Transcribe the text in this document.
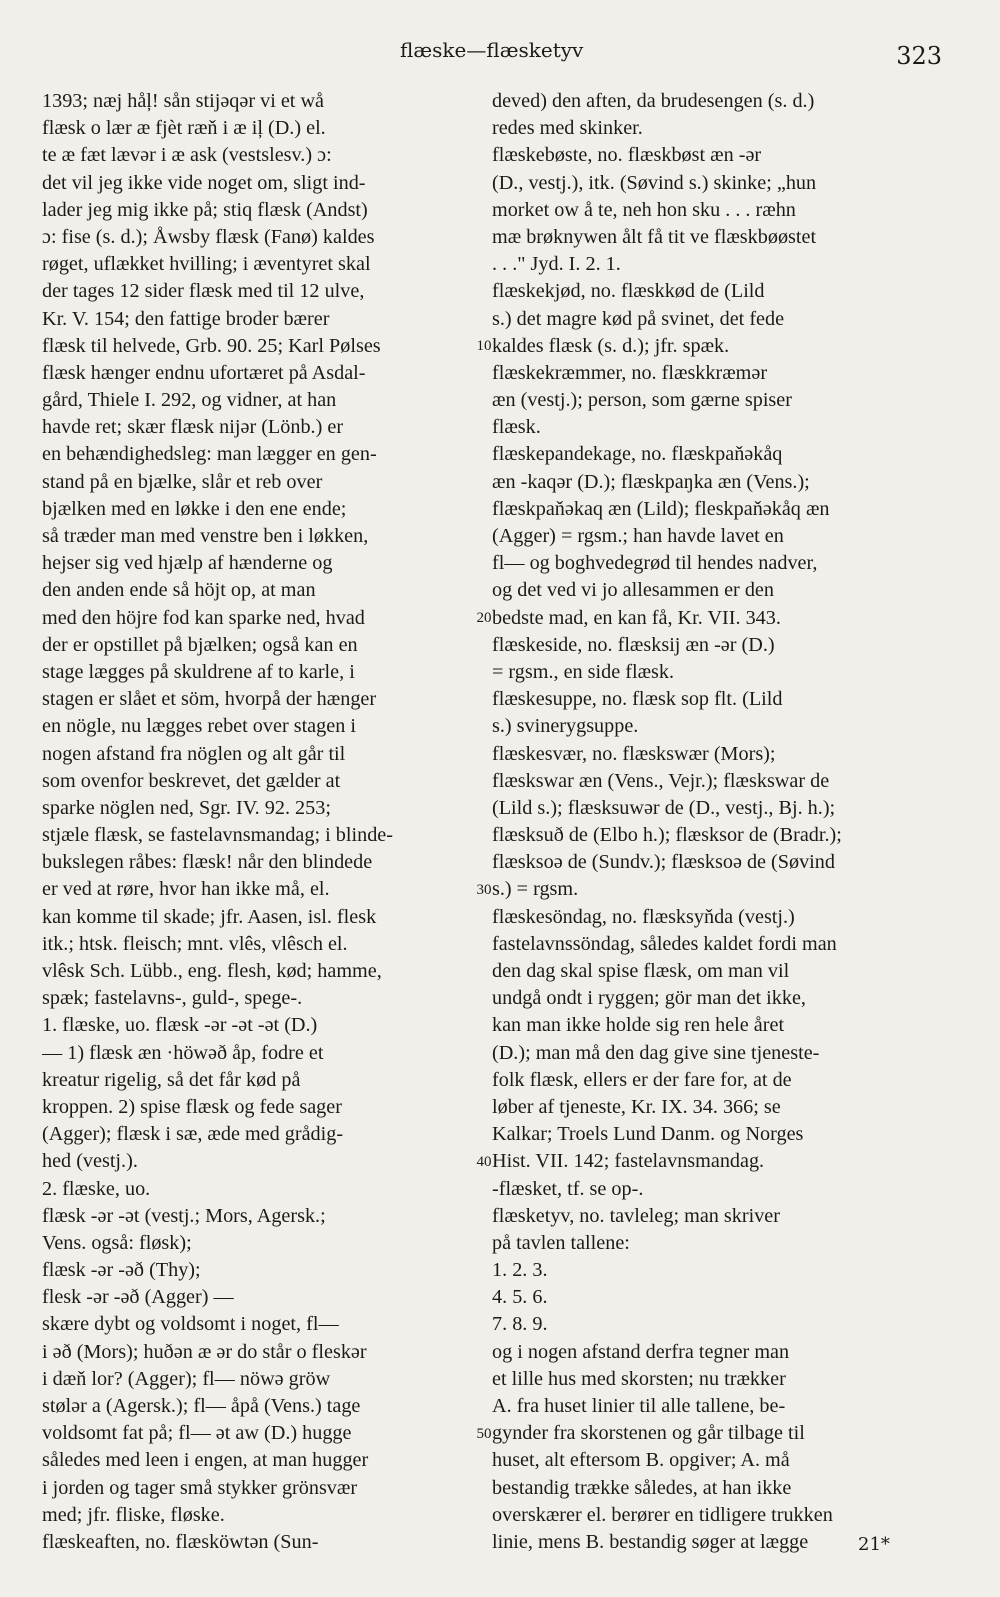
flæske—flæsketyv	323
1393; næj håļ! sån stijəqər vi et wå
flæsk o lær æ fjèt ræň i æ iļ (D.) el.
te æ fæt lævər i æ ask (vestslesv.) ɔ:
det vil jeg ikke vide noget om, sligt ind-
lader jeg mig ikke på; stiq flæsk (Andst)
ɔ: fise (s. d.); Åwsby flæsk (Fanø) kaldes
røget, uflækket hvilling; i æventyret skal
der tages 12 sider flæsk med til 12 ulve,
Kr. V. 154; den fattige broder bærer
flæsk til helvede, Grb. 90. 25; Karl Pølses
flæsk hænger endnu ufortæret på Asdal-
gård, Thiele I. 292, og vidner, at han
havde ret; skær flæsk nijər (Lönb.) er
en behændighedsleg: man lægger en gen-
stand på en bjælke, slår et reb over
bjælken med en løkke i den ene ende;
så træder man med venstre ben i løkken,
hejser sig ved hjælp af hænderne og
den anden ende så höjt op, at man
med den höjre fod kan sparke ned, hvad
der er opstillet på bjælken; også kan en
stage lægges på skuldrene af to karle, i
stagen er slået et söm, hvorpå der hænger
en nögle, nu lægges rebet over stagen i
nogen afstand fra nöglen og alt går til
som ovenfor beskrevet, det gælder at
sparke nöglen ned, Sgr. IV. 92. 253;
stjæle flæsk, se fastelavnsmandag; i blinde-
bukslegen råbes: flæsk! når den blindede
er ved at røre, hvor han ikke må, el.
kan komme til skade; jfr. Aasen, isl. flesk
itk.; htsk. fleisch; mnt. vlês, vlêsch el.
vlêsk Sch. Lübb., eng. flesh, kød; hamme,
spæk; fastelavns-, guld-, spege-.
1. flæske, uo. flæsk -ər -ət -ət (D.)
— 1) flæsk æn ·höwəð åp, fodre et
kreatur rigelig, så det får kød på
kroppen. 2) spise flæsk og fede sager
(Agger); flæsk i sæ, æde med grådig-
hed (vestj.).
2. flæske, uo.
flæsk -ər -ət (vestj.; Mors, Agersk.;
Vens. også: fløsk);
flæsk -ər -əð (Thy);
flesk -ər -əð (Agger) —
skære dybt og voldsomt i noget, fl—
i əð (Mors); huðən æ ər do står o fleskər
i dæň lor? (Agger); fl— nöwə gröw
stølər a (Agersk.); fl— åpå (Vens.) tage
voldsomt fat på; fl— ət aw (D.) hugge
således med leen i engen, at man hugger
i jorden og tager små stykker grönsvær
med; jfr. fliske, fløske.
flæskeaften, no. flæsköwtən (Sun-
deved) den aften, da brudesengen (s. d.)
redes med skinker.
flæskebøste, no. flæskbøst æn -ər
(D., vestj.), itk. (Søvind s.) skinke; „hun
morket ow å te, neh hon sku . . . ræhn
mæ brøknywen ålt få tit ve flæskbøøstet
. . ." Jyd. I. 2. 1.
flæskekjød, no. flæskkød de (Lild
s.) det magre kød på svinet, det fede
kaldes flæsk (s. d.); jfr. spæk.
flæskekræmmer, no. flæskkræmər
æn (vestj.); person, som gærne spiser
flæsk.
flæskepandekage, no. flæskpaňəkåq
æn -kaqər (D.); flæskpaŋka æn (Vens.);
flæskpaňəkaq æn (Lild); fleskpaňəkåq æn
(Agger) = rgsm.; han havde lavet en
fl— og boghvedegrød til hendes nadver,
og det ved vi jo allesammen er den
bedste mad, en kan få, Kr. VII. 343.
flæskeside, no. flæsksij æn -ər (D.)
= rgsm., en side flæsk.
flæskesuppe, no. flæsk sop flt. (Lild
s.) svinerygsuppe.
flæskesvær, no. flæskswær (Mors);
flæskswar æn (Vens., Vejr.); flæskswar de
(Lild s.); flæsksuwər de (D., vestj., Bj. h.);
flæsksuð de (Elbo h.); flæsksor de (Bradr.);
flæsksoə de (Sundv.); flæsksoə de (Søvind
s.) = rgsm.
flæskesöndag, no. flæsksyňda (vestj.)
fastelavnssöndag, således kaldet fordi man
den dag skal spise flæsk, om man vil
undgå ondt i ryggen; gör man det ikke,
kan man ikke holde sig ren hele året
(D.); man må den dag give sine tjeneste-
folk flæsk, ellers er der fare for, at de
løber af tjeneste, Kr. IX. 34. 366; se
Kalkar; Troels Lund Danm. og Norges
Hist. VII. 142; fastelavnsmandag.
-flæsket, tf. se op-.
flæsketyv, no. tavleleg; man skriver
på tavlen tallene:
1. 2. 3.
4. 5. 6.
7. 8. 9.
og i nogen afstand derfra tegner man
et lille hus med skorsten; nu trækker
A. fra huset linier til alle tallene, be-
gynder fra skorstenen og går tilbage til
huset, alt eftersom B. opgiver; A. må
bestandig trække således, at han ikke
overskærer el. berører en tidligere trukken
linie, mens B. bestandig søger at lægge
10
20
30
40
50
21*
